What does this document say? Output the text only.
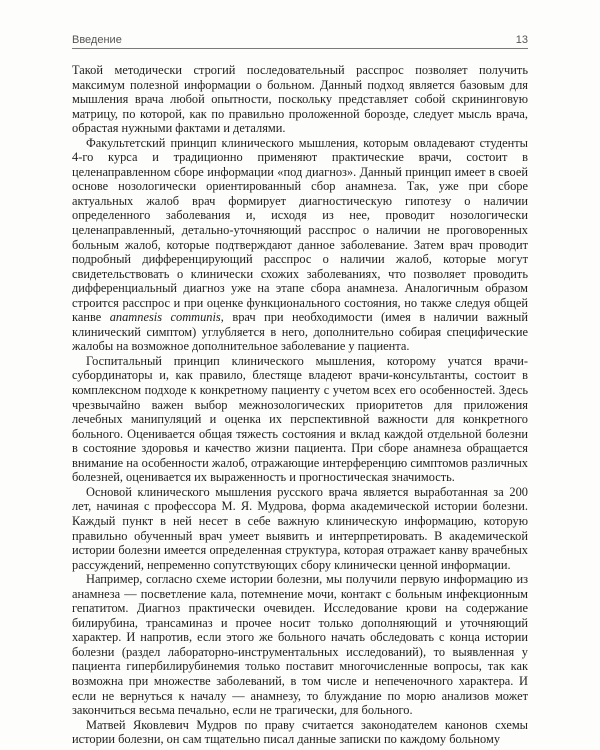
Введение	13

Такой методически строгий последовательный расспрос позволяет получить максимум полезной информации о больном. Данный подход является базовым для мышления врача любой опытности, поскольку представляет собой скрининговую матрицу, по которой, как по правильно проложенной борозде, следует мысль врача, обрастая нужными фактами и деталями.

Факультетский принцип клинического мышления, которым овладевают студенты 4-го курса и традиционно применяют практические врачи, состоит в целенаправленном сборе информации «под диагноз». Данный принцип имеет в своей основе нозологически ориентированный сбор анамнеза. Так, уже при сборе актуальных жалоб врач формирует диагностическую гипотезу о наличии определенного заболевания и, исходя из нее, проводит нозологически целенаправленный, детально-уточняющий расспрос о наличии не проговоренных больным жалоб, которые подтверждают данное заболевание. Затем врач проводит подробный дифференцирующий расспрос о наличии жалоб, которые могут свидетельствовать о клинически схожих заболеваниях, что позволяет проводить дифференциальный диагноз уже на этапе сбора анамнеза. Аналогичным образом строится расспрос и при оценке функционального состояния, но также следуя общей канве anamnesis communis, врач при необходимости (имея в наличии важный клинический симптом) углубляется в него, дополнительно собирая специфические жалобы на возможное дополнительное заболевание у пациента.

Госпитальный принцип клинического мышления, которому учатся врачи-субординаторы и, как правило, блестяще владеют врачи-консультанты, состоит в комплексном подходе к конкретному пациенту с учетом всех его особенностей. Здесь чрезвычайно важен выбор межнозологических приоритетов для приложения лечебных манипуляций и оценка их перспективной важности для конкретного больного. Оценивается общая тяжесть состояния и вклад каждой отдельной болезни в состояние здоровья и качество жизни пациента. При сборе анамнеза обращается внимание на особенности жалоб, отражающие интерференцию симптомов различных болезней, оценивается их выраженность и прогностическая значимость.

Основой клинического мышления русского врача является выработанная за 200 лет, начиная с профессора М. Я. Мудрова, форма академической истории болезни. Каждый пункт в ней несет в себе важную клиническую информацию, которую правильно обученный врач умеет выявить и интерпретировать. В академической истории болезни имеется определенная структура, которая отражает канву врачебных рассуждений, непременно сопутствующих сбору клинически ценной информации.

Например, согласно схеме истории болезни, мы получили первую информацию из анамнеза — посветление кала, потемнение мочи, контакт с больным инфекционным гепатитом. Диагноз практически очевиден. Исследование крови на содержание билирубина, трансаминаз и прочее носит только дополняющий и уточняющий характер. И напротив, если этого же больного начать обследовать с конца истории болезни (раздел лабораторно-инструментальных исследований), то выявленная у пациента гипербилирубинемия только поставит многочисленные вопросы, так как возможна при множестве заболеваний, в том числе и непеченочного характера. И если не вернуться к началу — анамнезу, то блуждание по морю анализов может закончиться весьма печально, если не трагически, для больного.

Матвей Яковлевич Мудров по праву считается законодателем канонов схемы истории болезни, он сам тщательно писал данные записки по каждому больному
